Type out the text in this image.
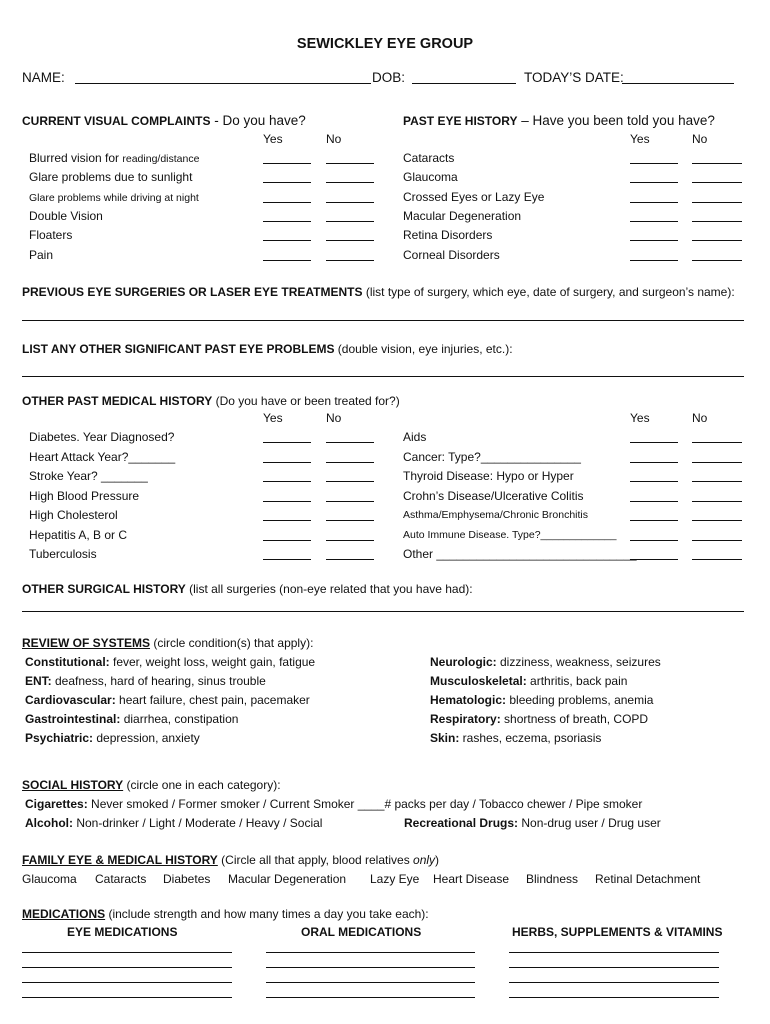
SEWICKLEY EYE GROUP
NAME:	DOB:	TODAY’S DATE:
CURRENT VISUAL COMPLAINTS - Do you have?
Yes	No
Blurred vision for reading/distance
Glare problems due to sunlight
Glare problems while driving at night
Double Vision
Floaters
Pain
PAST EYE HISTORY – Have you been told you have?
Yes	No
Cataracts
Glaucoma
Crossed Eyes or Lazy Eye
Macular Degeneration
Retina Disorders
Corneal Disorders
PREVIOUS EYE SURGERIES OR LASER EYE TREATMENTS (list type of surgery, which eye, date of surgery, and surgeon’s name):
LIST ANY OTHER SIGNIFICANT PAST EYE PROBLEMS (double vision, eye injuries, etc.):
OTHER PAST MEDICAL HISTORY (Do you have or been treated for?)
Yes	No	Yes	No
Diabetes. Year Diagnosed?
Heart Attack Year?_______
Stroke Year? _______
High Blood Pressure
High Cholesterol
Hepatitis A, B or C
Tuberculosis
Aids
Cancer: Type?_______________
Thyroid Disease: Hypo or Hyper
Crohn’s Disease/Ulcerative Colitis
Asthma/Emphysema/Chronic Bronchitis
Auto Immune Disease. Type?_____________
Other ______________________________
OTHER SURGICAL HISTORY (list all surgeries (non-eye related that you have had):
REVIEW OF SYSTEMS (circle condition(s) that apply):
Constitutional: fever, weight loss, weight gain, fatigue
ENT: deafness, hard of hearing, sinus trouble
Cardiovascular: heart failure, chest pain, pacemaker
Gastrointestinal: diarrhea, constipation
Psychiatric: depression, anxiety
Neurologic: dizziness, weakness, seizures
Musculoskeletal: arthritis, back pain
Hematologic: bleeding problems, anemia
Respiratory: shortness of breath, COPD
Skin: rashes, eczema, psoriasis
SOCIAL HISTORY (circle one in each category):
Cigarettes: Never smoked / Former smoker / Current Smoker ____# packs per day / Tobacco chewer / Pipe smoker
Alcohol: Non-drinker / Light / Moderate / Heavy / Social	Recreational Drugs: Non-drug user / Drug user
FAMILY EYE & MEDICAL HISTORY (Circle all that apply, blood relatives only)
Glaucoma Cataracts Diabetes Macular Degeneration Lazy Eye Heart Disease Blindness Retinal Detachment
MEDICATIONS (include strength and how many times a day you take each):
EYE MEDICATIONS	ORAL MEDICATIONS	HERBS, SUPPLEMENTS & VITAMINS
